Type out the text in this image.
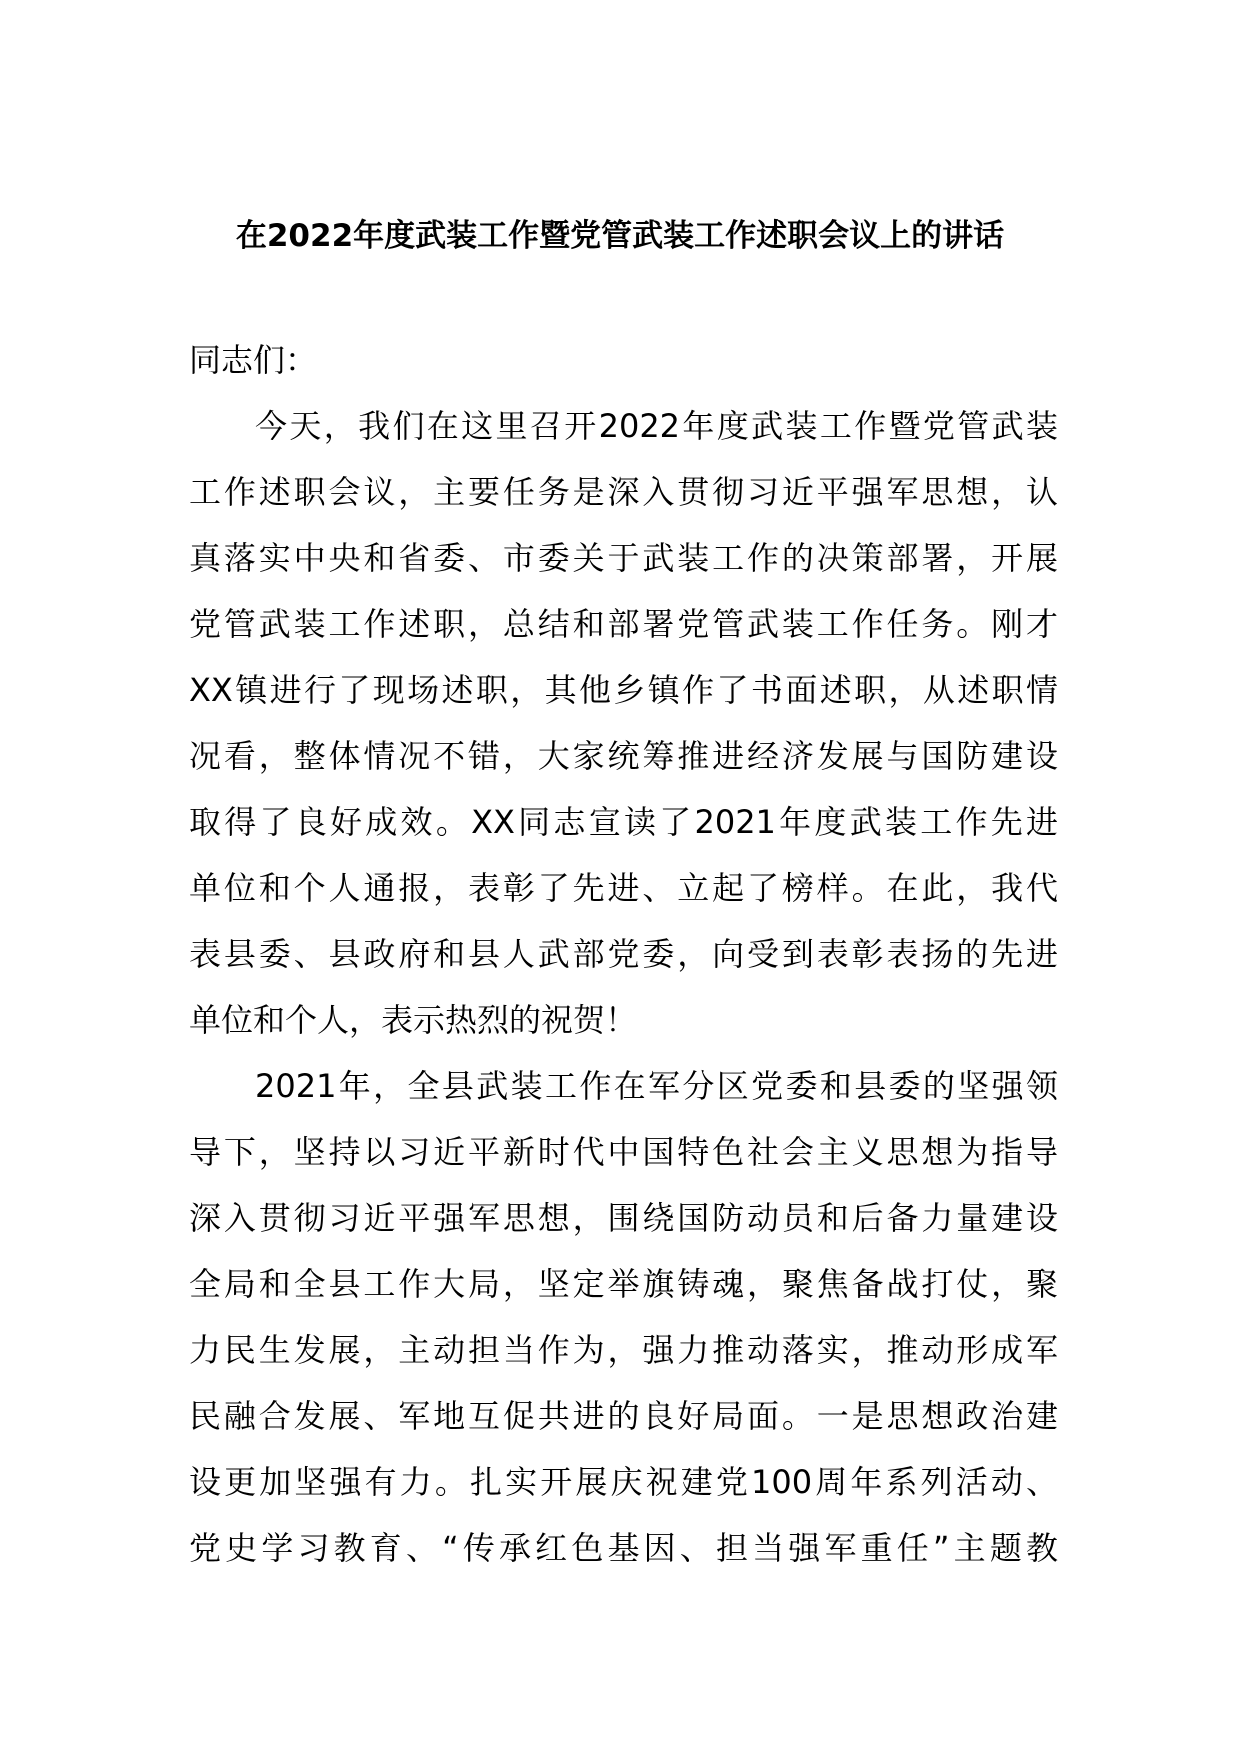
在2022年度武装工作暨党管武装工作述职会议上的讲话
同志们：
今天，我们在这里召开2022年度武装工作暨党管武装
工作述职会议，主要任务是深入贯彻习近平强军思想，认
真落实中央和省委、市委关于武装工作的决策部署，开展
党管武装工作述职，总结和部署党管武装工作任务。刚才
XX镇进行了现场述职，其他乡镇作了书面述职，从述职情
况看，整体情况不错，大家统筹推进经济发展与国防建设
取得了良好成效。XX同志宣读了2021年度武装工作先进
单位和个人通报，表彰了先进、立起了榜样。在此，我代
表县委、县政府和县人武部党委，向受到表彰表扬的先进
单位和个人，表示热烈的祝贺！
2021年，全县武装工作在军分区党委和县委的坚强领
导下，坚持以习近平新时代中国特色社会主义思想为指导
深入贯彻习近平强军思想，围绕国防动员和后备力量建设
全局和全县工作大局，坚定举旗铸魂，聚焦备战打仗，聚
力民生发展，主动担当作为，强力推动落实，推动形成军
民融合发展、军地互促共进的良好局面。一是思想政治建
设更加坚强有力。扎实开展庆祝建党100周年系列活动、
党史学习教育、“传承红色基因、担当强军重任”主题教
